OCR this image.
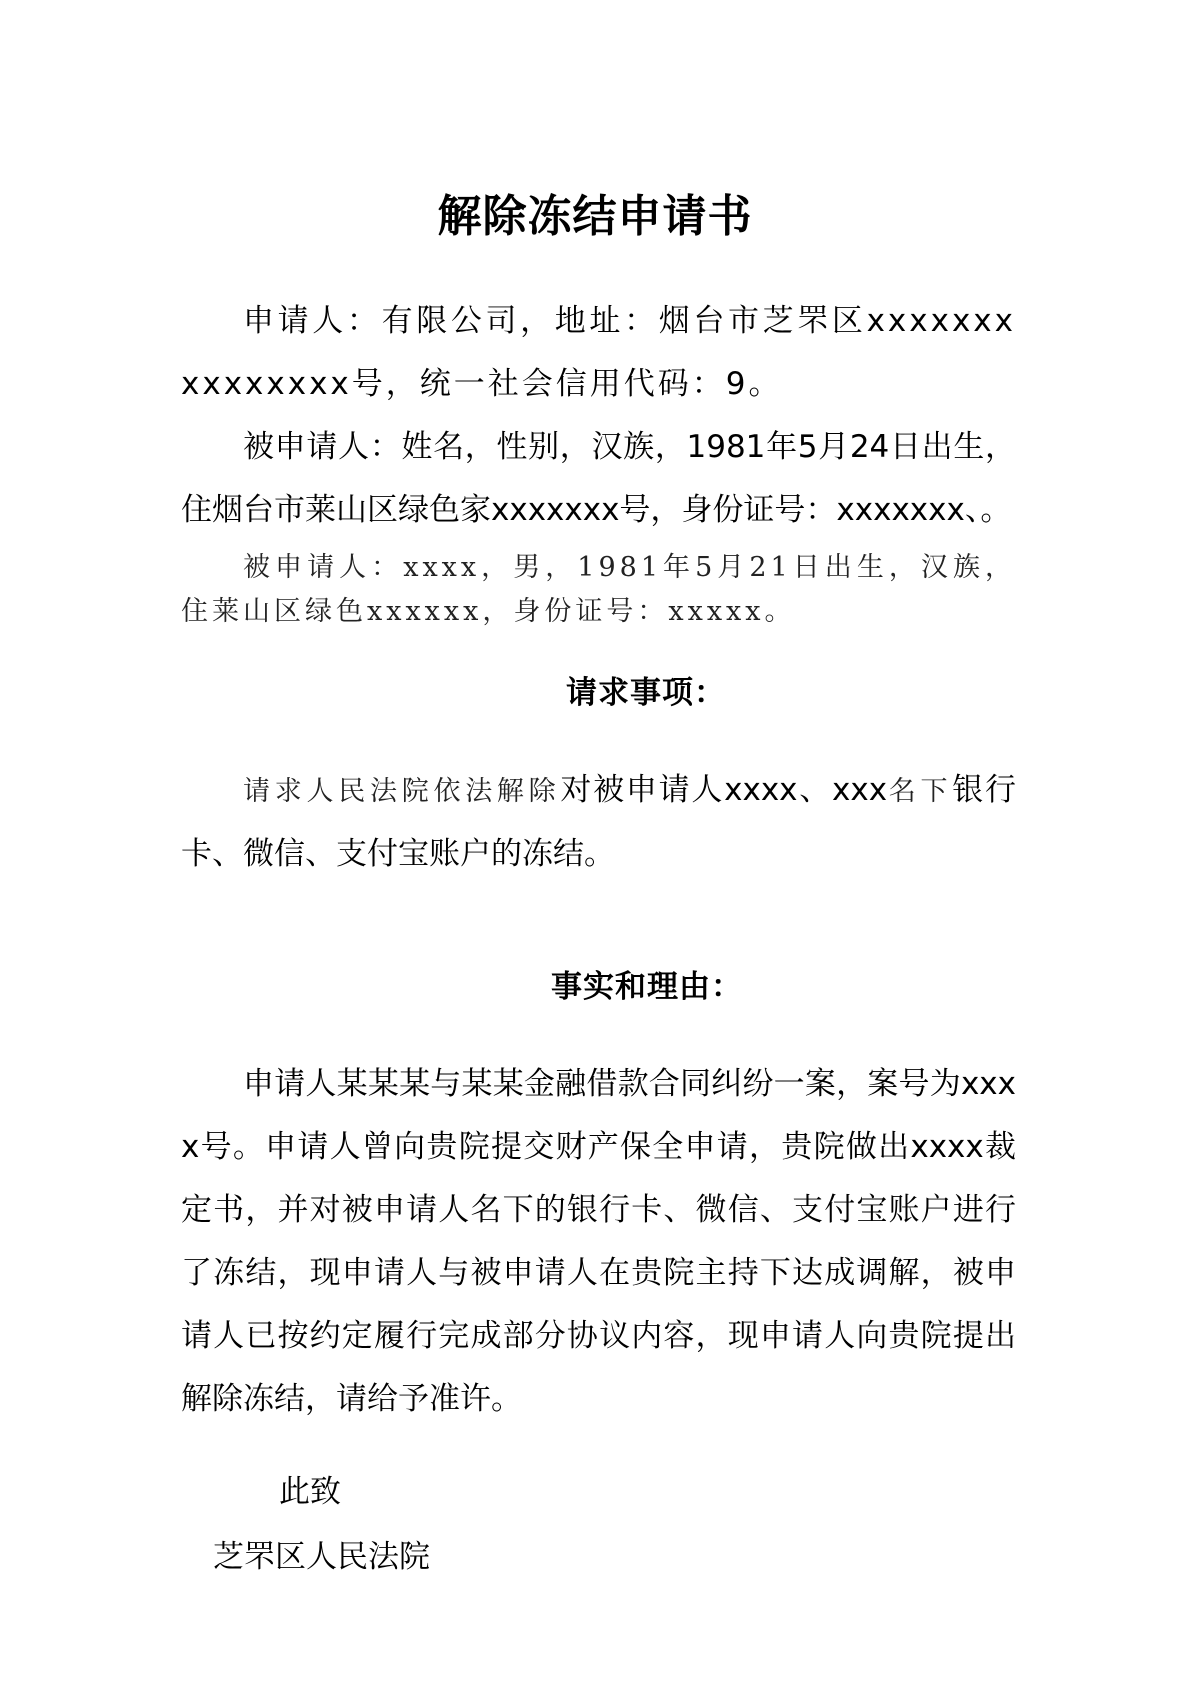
解除冻结申请书

申请人：有限公司，地址：烟台市芝罘区xxxxxxxxxxxxxxx号，统一社会信用代码：9。

被申请人：姓名，性别，汉族，1981年5月24日出生，住烟台市莱山区绿色家xxxxxxx号，身份证号：xxxxxxx、。

被申请人：xxxx，男，1981年5月21日出生，汉族，住莱山区绿色xxxxxx，身份证号：xxxxx。

请求事项：

请求人民法院依法解除对被申请人xxxx、xxx名下银行卡、微信、支付宝账户的冻结。

事实和理由：

申请人某某某与某某金融借款合同纠纷一案，案号为xxxx号。申请人曾向贵院提交财产保全申请，贵院做出xxxx裁定书，并对被申请人名下的银行卡、微信、支付宝账户进行了冻结，现申请人与被申请人在贵院主持下达成调解，被申请人已按约定履行完成部分协议内容，现申请人向贵院提出解除冻结，请给予准许。

此致

芝罘区人民法院
